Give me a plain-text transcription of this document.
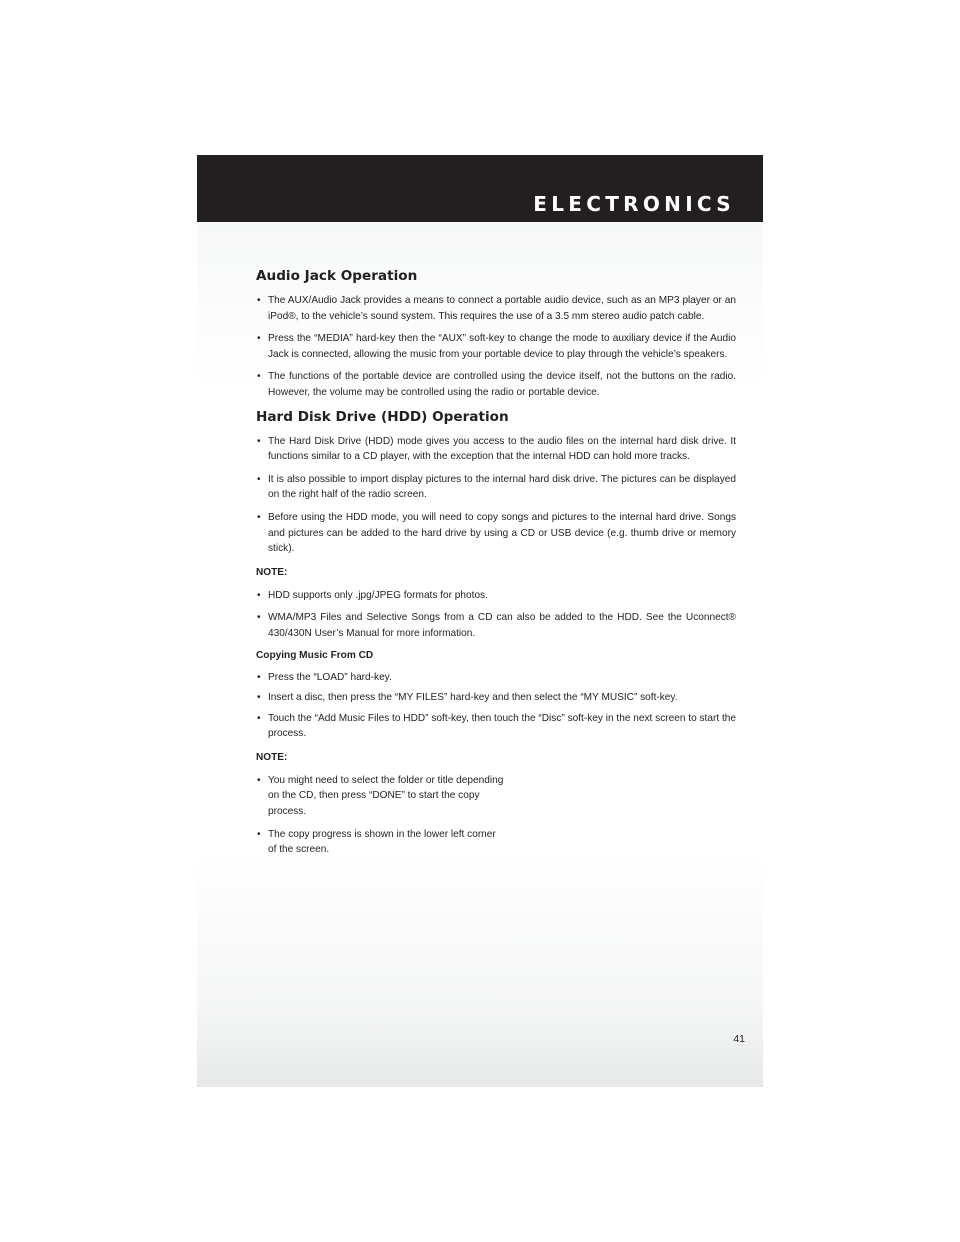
ELECTRONICS
Audio Jack Operation
• The AUX/Audio Jack provides a means to connect a portable audio device, such as an MP3 player or an iPod®, to the vehicle’s sound system. This requires the use of a 3.5 mm stereo audio patch cable.
• Press the “MEDIA” hard-key then the “AUX” soft-key to change the mode to auxiliary device if the Audio Jack is connected, allowing the music from your portable device to play through the vehicle’s speakers.
• The functions of the portable device are controlled using the device itself, not the buttons on the radio. However, the volume may be controlled using the radio or portable device.
Hard Disk Drive (HDD) Operation
• The Hard Disk Drive (HDD) mode gives you access to the audio files on the internal hard disk drive. It functions similar to a CD player, with the exception that the internal HDD can hold more tracks.
• It is also possible to import display pictures to the internal hard disk drive. The pictures can be displayed on the right half of the radio screen.
• Before using the HDD mode, you will need to copy songs and pictures to the internal hard drive. Songs and pictures can be added to the hard drive by using a CD or USB device (e.g. thumb drive or memory stick).
NOTE:
• HDD supports only .jpg/JPEG formats for photos.
• WMA/MP3 Files and Selective Songs from a CD can also be added to the HDD. See the Uconnect® 430/430N User’s Manual for more information.
Copying Music From CD
• Press the “LOAD” hard-key.
• Insert a disc, then press the “MY FILES” hard-key and then select the “MY MUSIC” soft-key.
• Touch the “Add Music Files to HDD” soft-key, then touch the “Disc” soft-key in the next screen to start the process.
NOTE:
• You might need to select the folder or title depending on the CD, then press “DONE” to start the copy process.
• The copy progress is shown in the lower left corner of the screen.
41
